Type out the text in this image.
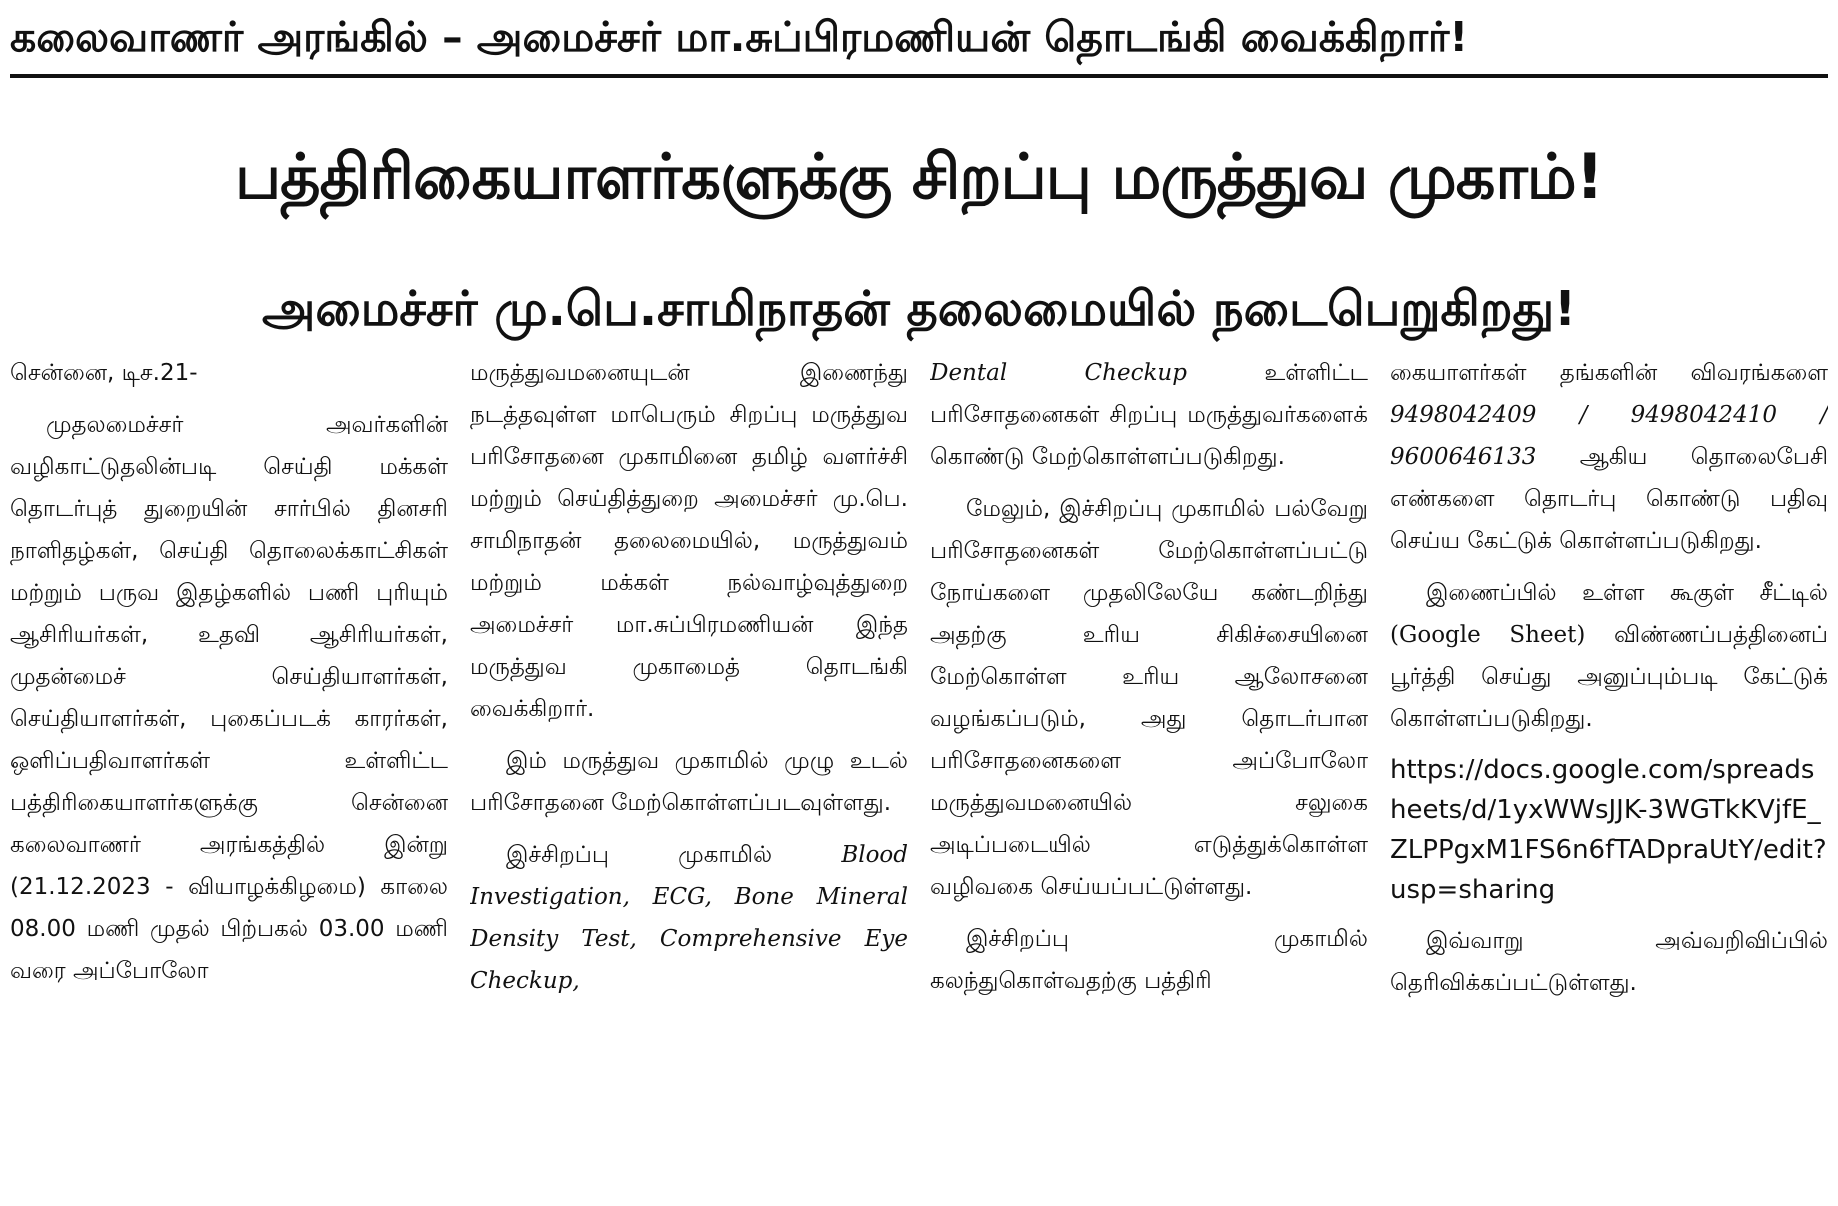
கலைவாணர் அரங்கில் – அமைச்சர் மா.சுப்பிரமணியன் தொடங்கி வைக்கிறார்!
பத்திரிகையாளர்களுக்கு சிறப்பு மருத்துவ முகாம்!
அமைச்சர் மு.பெ.சாமிநாதன் தலைமையில் நடைபெறுகிறது!

சென்னை, டிச.21-

முதலமைச்சர் அவர்களின் வழிகாட்டுதலின்படி செய்தி மக்கள் தொடர்புத் துறையின் சார்பில் தினசரி நாளிதழ்கள், செய்தி தொலைக்காட்சிகள் மற்றும் பருவ இதழ்களில் பணி புரியும் ஆசிரியர்கள், உதவி ஆசிரியர்கள், முதன்மைச் செய்தியாளர்கள், செய்தியாளர்கள், புகைப்படக் காரர்கள், ஒளிப்பதிவாளர்கள் உள்ளிட்ட பத்திரிகையாளர்களுக்கு சென்னை கலைவாணர் அரங்கத்தில் இன்று (21.12.2023 - வியாழக்கிழமை) காலை 08.00 மணி முதல் பிற்பகல் 03.00 மணி வரை அப்போலோ

மருத்துவமனையுடன் இணைந்து நடத்தவுள்ள மாபெரும் சிறப்பு மருத்துவ பரிசோதனை முகாமினை தமிழ் வளர்ச்சி மற்றும் செய்தித்துறை அமைச்சர் மு.பெ. சாமிநாதன் தலைமையில், மருத்துவம் மற்றும் மக்கள் நல்வாழ்வுத்துறை அமைச்சர் மா.சுப்பிரமணியன் இந்த மருத்துவ முகாமைத் தொடங்கி வைக்கிறார்.

இம் மருத்துவ முகாமில் முழு உடல் பரிசோதனை மேற்கொள்ளப்படவுள்ளது.

இச்சிறப்பு முகாமில்	Blood Investigation, ECG, Bone Mineral Density Test, Comprehensive Eye Checkup,

Dental Checkup	உள்ளிட்ட பரிசோதனைகள் சிறப்பு மருத்துவர்களைக் கொண்டு மேற்கொள்ளப்படுகிறது.

மேலும், இச்சிறப்பு முகாமில் பல்வேறு பரிசோதனைகள் மேற்கொள்ளப்பட்டு நோய்களை முதலிலேயே கண்டறிந்து அதற்கு உரிய சிகிச்சையினை மேற்கொள்ள உரிய ஆலோசனை வழங்கப்படும், அது தொடர்பான பரிசோதனைகளை அப்போலோ மருத்துவமனையில் சலுகை அடிப்படையில் எடுத்துக்கொள்ள வழிவகை செய்யப்பட்டுள்ளது.

இச்சிறப்பு முகாமில் கலந்துகொள்வதற்கு பத்திரி

கையாளர்கள் தங்களின் விவரங்களை 9498042409 / 9498042410 / 9600646133 ஆகிய தொலைபேசி எண்களை தொடர்பு கொண்டு பதிவு செய்ய கேட்டுக் கொள்ளப்படுகிறது.

இணைப்பில் உள்ள கூகுள் சீட்டில் (Google Sheet) விண்ணப்பத்தினைப் பூர்த்தி செய்து அனுப்பும்படி கேட்டுக் கொள்ளப்படுகிறது.

https://docs.google.com/spreadsheets/d/1yxWWsJJK-3WGTkKVjfE_ZLPPgxM1FS6n6fTADpraUtY/edit?usp=sharing

இவ்வாறு அவ்வறிவிப்பில் தெரிவிக்கப்பட்டுள்ளது.
